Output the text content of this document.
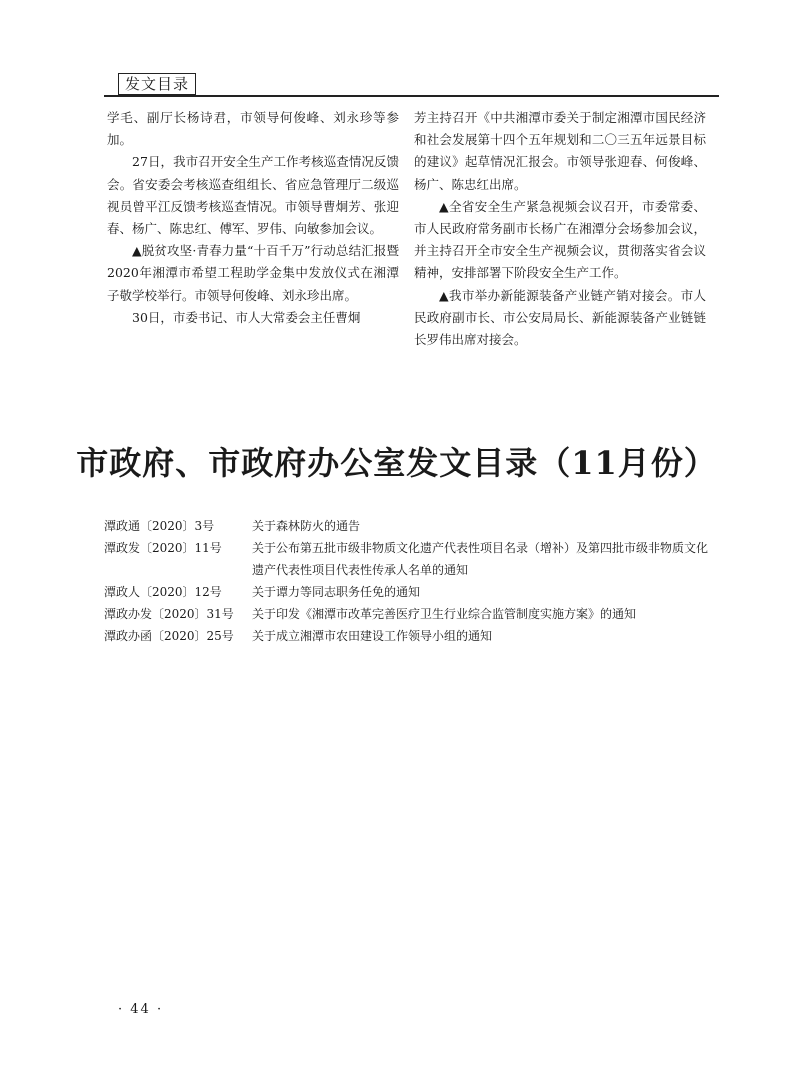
发文目录

学毛、副厅长杨诗君，市领导何俊峰、刘永珍等参加。

27日，我市召开安全生产工作考核巡查情况反馈会。省安委会考核巡查组组长、省应急管理厅二级巡视员曾平江反馈考核巡查情况。市领导曹炯芳、张迎春、杨广、陈忠红、傅军、罗伟、向敏参加会议。

▲脱贫攻坚·青春力量“十百千万”行动总结汇报暨2020年湘潭市希望工程助学金集中发放仪式在湘潭子敬学校举行。市领导何俊峰、刘永珍出席。

30日，市委书记、市人大常委会主任曹炯

芳主持召开《中共湘潭市委关于制定湘潭市国民经济和社会发展第十四个五年规划和二〇三五年远景目标的建议》起草情况汇报会。市领导张迎春、何俊峰、杨广、陈忠红出席。

▲全省安全生产紧急视频会议召开，市委常委、市人民政府常务副市长杨广在湘潭分会场参加会议，并主持召开全市安全生产视频会议，贯彻落实省会议精神，安排部署下阶段安全生产工作。

▲我市举办新能源装备产业链产销对接会。市人民政府副市长、市公安局局长、新能源装备产业链链长罗伟出席对接会。

市政府、市政府办公室发文目录（11月份）
潭政通〔2020〕3号	关于森林防火的通告
潭政发〔2020〕11号	关于公布第五批市级非物质文化遗产代表性项目名录（增补）及第四批市级非物质文化遗产代表性项目代表性传承人名单的通知
潭政人〔2020〕12号	关于谭力等同志职务任免的通知
潭政办发〔2020〕31号	关于印发《湘潭市改革完善医疗卫生行业综合监管制度实施方案》的通知
潭政办函〔2020〕25号	关于成立湘潭市农田建设工作领导小组的通知
· 44 ·
